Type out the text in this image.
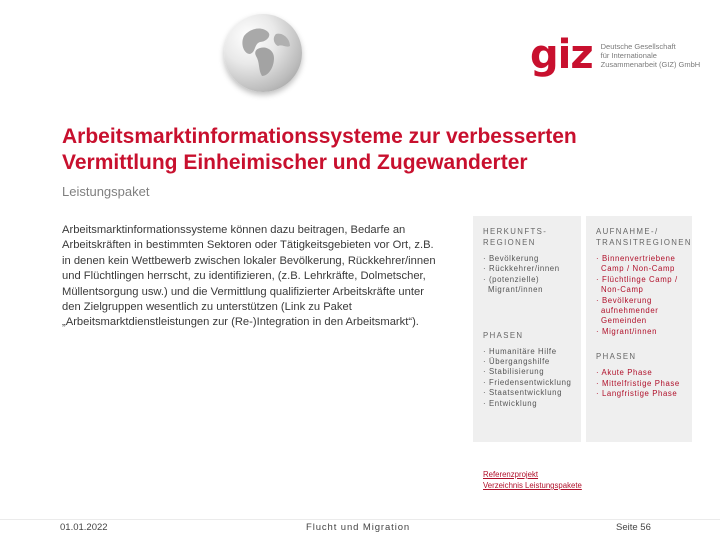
giz Deutsche Gesellschaft
für Internationale
Zusammenarbeit (GIZ) GmbH
Arbeitsmarktinformationssysteme zur verbesserten
Vermittlung Einheimischer und Zugewanderter
Leistungspaket

Arbeitsmarktinformationssysteme können dazu beitragen, Bedarfe an Arbeitskräften in bestimmten Sektoren oder Tätigkeitsgebieten vor Ort, z.B. in denen kein Wettbewerb zwischen lokaler Bevölkerung, Rückkehrer/innen und Flüchtlingen herrscht, zu identifizieren, (z.B. Lehrkräfte, Dolmetscher, Müllentsorgung usw.) und die Vermittlung qualifizierter Arbeitskräfte unter den Zielgruppen wesentlich zu unterstützen (Link zu Paket „Arbeitsmarktdienstleistungen zur (Re-)Integration in den Arbeitsmarkt“).

HERKUNFTS-REGIONEN
· Bevölkerung
· Rückkehrer/innen
· (potenzielle) Migrant/innen
PHASEN
· Humanitäre Hilfe
· Übergangshilfe
· Stabilisierung
· Friedensentwicklung
· Staatsentwicklung
· Entwicklung
AUFNAHME-/ TRANSITREGIONEN
· Binnenvertriebene Camp / Non-Camp
· Flüchtlinge Camp / Non-Camp
· Bevölkerung aufnehmender Gemeinden
· Migrant/innen
PHASEN
· Akute Phase
· Mittelfristige Phase
· Langfristige Phase
Referenzprojekt
Verzeichnis Leistungspakete
01.01.2022	Flucht und Migration	Seite 56
